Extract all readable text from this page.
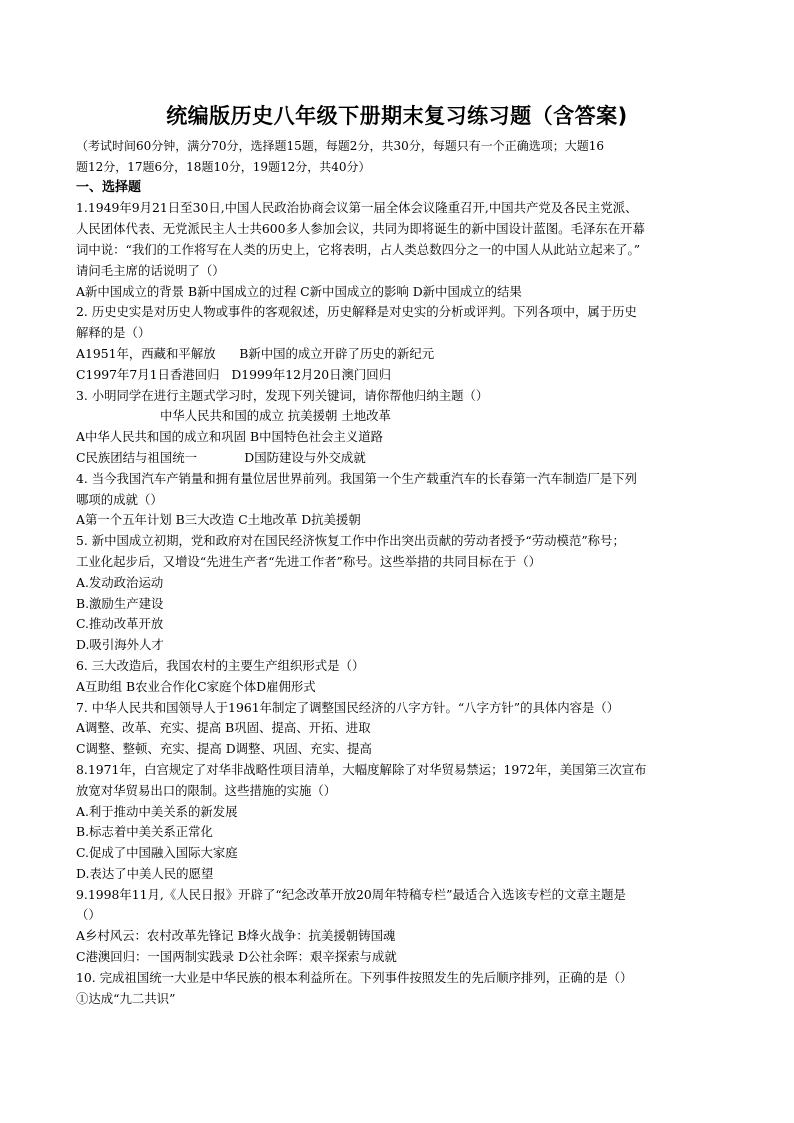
统编版历史八年级下册期末复习练习题（含答案)
（考试时间60分钟，满分70分，选择题15题，每题2分，共30分，每题只有一个正确选项；大题16
题12分，17题6分，18题10分，19题12分，共40分）
一、选择题
1.1949年9月21日至30日,中国人民政治协商会议第一届全体会议隆重召开,中国共产党及各民主党派、
人民团体代表、无党派民主人士共600多人参加会议，共同为即将诞生的新中国设计蓝图。毛泽东在开幕
词中说：“我们的工作将写在人类的历史上，它将表明，占人类总数四分之一的中国人从此站立起来了。”
请问毛主席的话说明了（）
A新中国成立的背景 B新中国成立的过程 C新中国成立的影响 D新中国成立的结果
2. 历史史实是对历史人物或事件的客观叙述，历史解释是对史实的分析或评判。下列各项中，属于历史
解释的是（）
A1951年，西藏和平解放      B新中国的成立开辟了历史的新纪元
C1997年7月1日香港回归   D1999年12月20日澳门回归
3. 小明同学在进行主题式学习时，发现下列关键词，请你帮他归纳主题（）
中华人民共和国的成立 抗美援朝 土地改革
A中华人民共和国的成立和巩固 B中国特色社会主义道路
C民族团结与祖国统一            D国防建设与外交成就
4. 当今我国汽车产销量和拥有量位居世界前列。我国第一个生产载重汽车的长春第一汽车制造厂是下列
哪项的成就（）
A第一个五年计划 B三大改造 C土地改革 D抗美援朝
5. 新中国成立初期，党和政府对在国民经济恢复工作中作出突出贡献的劳动者授予“劳动模范”称号；
工业化起步后，又增设“先进生产者“先进工作者”称号。这些举措的共同目标在于（）
A.发动政治运动
B.激励生产建设
C.推动改革开放
D.吸引海外人才
6. 三大改造后，我国农村的主要生产组织形式是（）
A互助组 B农业合作化C家庭个体D雇佣形式
7. 中华人民共和国领导人于1961年制定了调整国民经济的八字方针。“八字方针”的具体内容是（）
A调整、改革、充实、提高 B巩固、提高、开拓、进取
C调整、整顿、充实、提高 D调整、巩固、充实、提高
8.1971年，白宫规定了对华非战略性项目清单，大幅度解除了对华贸易禁运；1972年，美国第三次宣布
放宽对华贸易出口的限制。这些措施的实施（）
A.利于推动中美关系的新发展
B.标志着中美关系正常化
C.促成了中国融入国际大家庭
D.表达了中美人民的愿望
9.1998年11月,《人民日报》开辟了“纪念改革开放20周年特稿专栏”最适合入选该专栏的文章主题是
（）
A乡村风云：农村改革先锋记 B烽火战争：抗美援朝铸国魂
C港澳回归：一国两制实践录 D公社余晖：艰辛探索与成就
10. 完成祖国统一大业是中华民族的根本利益所在。下列事件按照发生的先后顺序排列，正确的是（）
①达成“九二共识”
